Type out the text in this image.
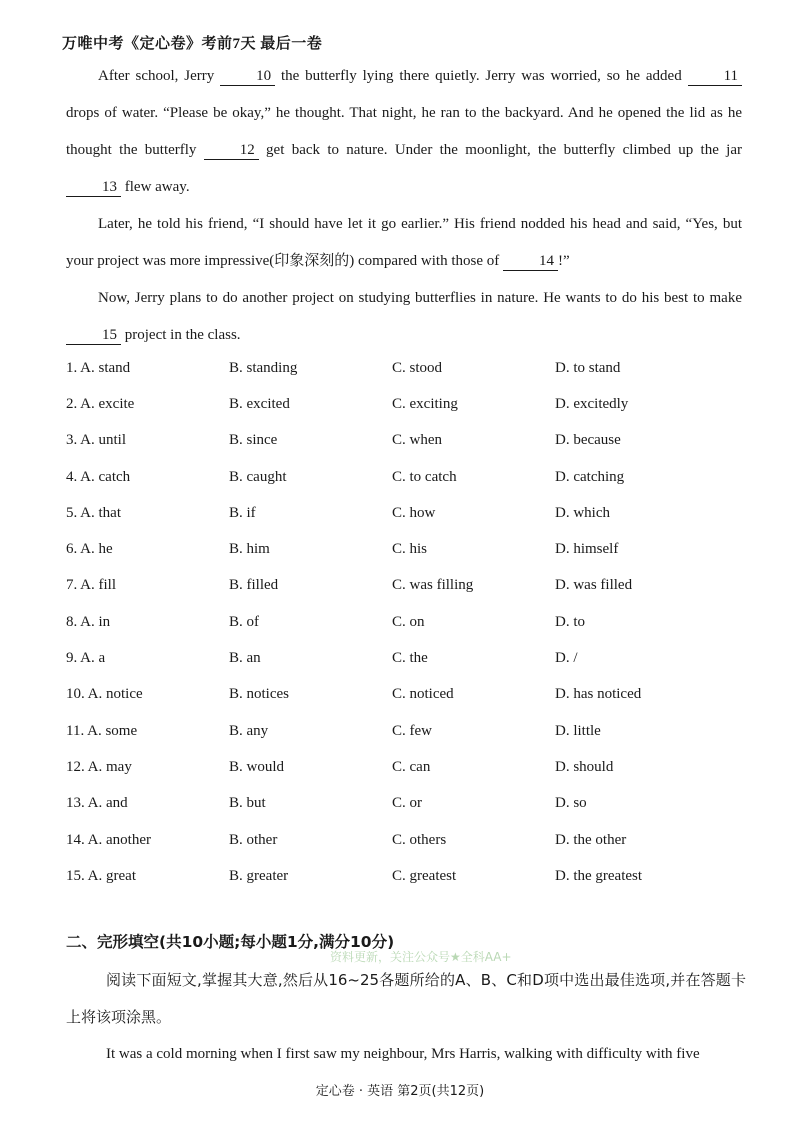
万唯中考《定心卷》考前7天 最后一卷
After school, Jerry 10 the butterfly lying there quietly. Jerry was worried, so he added 11 drops of water. “Please be okay,” he thought. That night, he ran to the backyard. And he opened the lid as he thought the butterfly 12 get back to nature. Under the moonlight, the butterfly climbed up the jar 13 flew away.
Later, he told his friend, “I should have let it go earlier.” His friend nodded his head and said, “Yes, but your project was more impressive(印象深刻的) compared with those of 14 !”
Now, Jerry plans to do another project on studying butterflies in nature. He wants to do his best to make 15 project in the class.
1. A. stand	B. standing	C. stood	D. to stand
2. A. excite	B. excited	C. exciting	D. excitedly
3. A. until	B. since	C. when	D. because
4. A. catch	B. caught	C. to catch	D. catching
5. A. that	B. if	C. how	D. which
6. A. he	B. him	C. his	D. himself
7. A. fill	B. filled	C. was filling	D. was filled
8. A. in	B. of	C. on	D. to
9. A. a	B. an	C. the	D. /
10. A. notice	B. notices	C. noticed	D. has noticed
11. A. some	B. any	C. few	D. little
12. A. may	B. would	C. can	D. should
13. A. and	B. but	C. or	D. so
14. A. another	B. other	C. others	D. the other
15. A. great	B. greater	C. greatest	D. the greatest
二、完形填空(共10小题;每小题1分,满分10分)
资料更新，关注公众号★全科AA+
阅读下面短文,掌握其大意,然后从16~25各题所给的A、B、C和D项中选出最佳选项,并在答题卡上将该项涂黑。
It was a cold morning when I first saw my neighbour, Mrs Harris, walking with difficulty with five
定心卷 · 英语 第2页(共12页)
